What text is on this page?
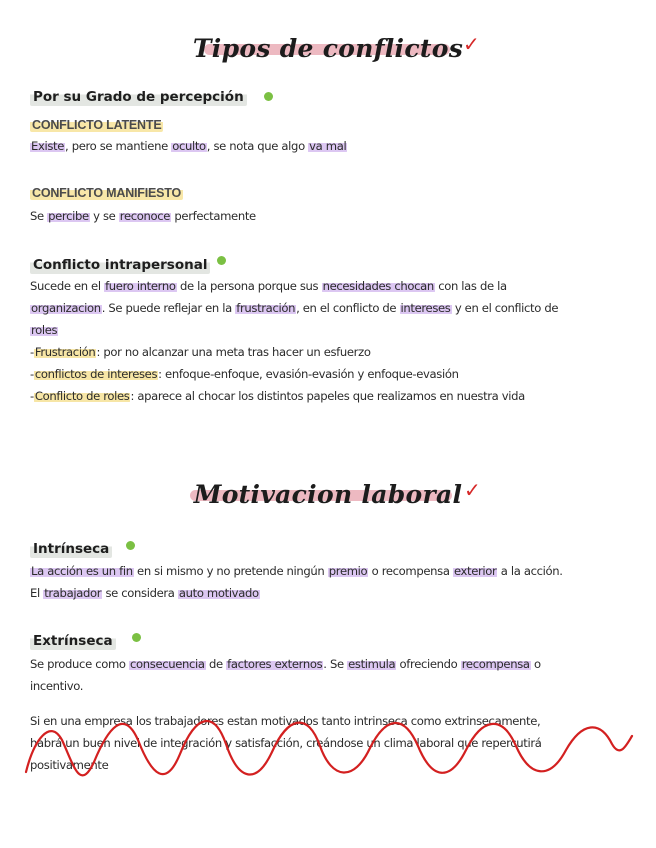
Tipos de conflictos ✓
Por su Grado de percepción
CONFLICTO LATENTE
Existe, pero se mantiene oculto, se nota que algo va mal
CONFLICTO MANIFIESTO
Se percibe y se reconoce perfectamente
Conflicto intrapersonal
Sucede en el fuero interno de la persona porque sus necesidades chocan con las de la
organizacion. Se puede reflejar en la frustración, en el conflicto de intereses y en el conflicto de
roles
-Frustración: por no alcanzar una meta tras hacer un esfuerzo
-conflictos de intereses: enfoque-enfoque, evasión-evasión y enfoque-evasión
-Conflicto de roles: aparece al chocar los distintos papeles que realizamos en nuestra vida
Motivacion laboral ✓
Intrínseca
La acción es un fin en si mismo y no pretende ningún premio o recompensa exterior a la acción.
El trabajador se considera auto motivado
Extrínseca
Se produce como consecuencia de factores externos. Se estimula ofreciendo recompensa o
incentivo.
Si en una empresa los trabajadores estan motivados tanto intrinseca como extrinsecamente,
habrá un buen nivel de integración y satisfacción, creándose un clima laboral que repercutirá
positivamente
